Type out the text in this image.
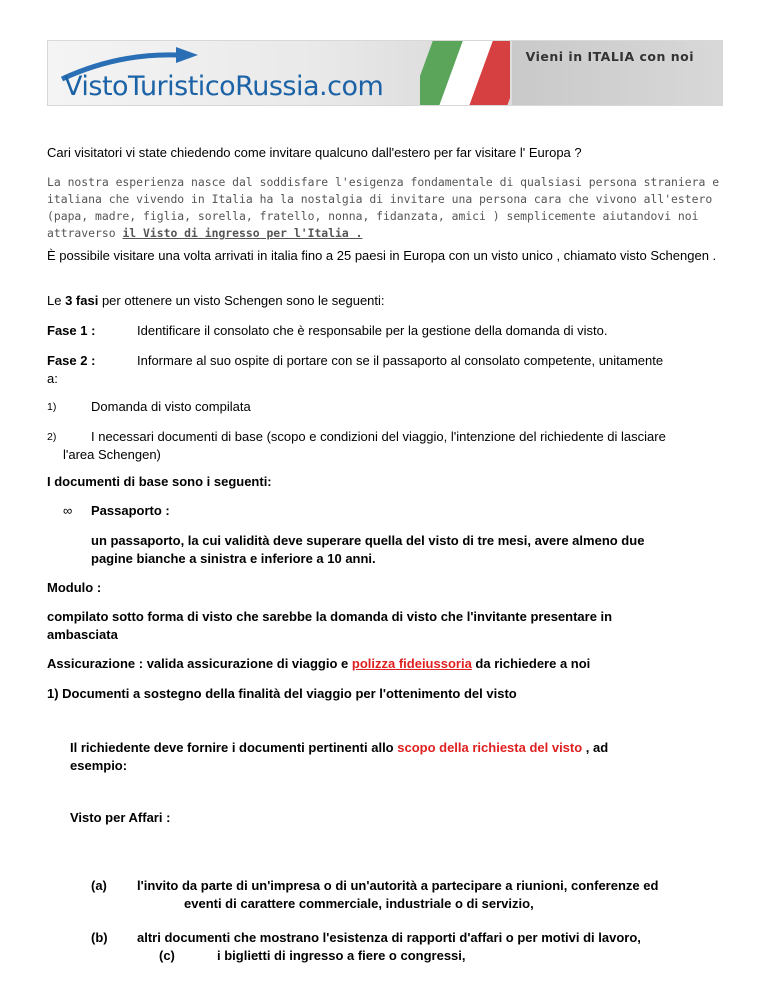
VistoTuristicoRussia.com
Vieni in ITALIA con noi
Cari visitatori vi state chiedendo come invitare qualcuno dall'estero per far visitare l' Europa ?
La nostra esperienza nasce dal soddisfare l'esigenza fondamentale di qualsiasi persona straniera e italiana che vivendo in Italia ha la nostalgia di invitare una persona cara che vivono all'estero (papa, madre, figlia, sorella, fratello, nonna, fidanzata, amici ) semplicemente aiutandovi noi attraverso il Visto di ingresso per l'Italia .
È possibile visitare una volta arrivati in italia fino a 25 paesi in Europa con un visto unico , chiamato visto Schengen .
Le 3 fasi per ottenere un visto Schengen sono le seguenti:
Fase 1 :	Identificare il consolato che è responsabile per la gestione della domanda di visto.
Fase 2 :	Informare al suo ospite di portare con se il passaporto al consolato competente, unitamente
a:
1)	Domanda di visto compilata
2)	I necessari documenti di base (scopo e condizioni del viaggio, l'intenzione del richiedente di lasciare
l'area Schengen)
I documenti di base sono i seguenti:
∞ Passaporto :
un passaporto, la cui validità deve superare quella del visto di tre mesi, avere almeno due
pagine bianche a sinistra e inferiore a 10 anni.
Modulo :
compilato sotto forma di visto che sarebbe la domanda di visto che l'invitante presentare in
ambasciata
Assicurazione : valida assicurazione di viaggio e polizza fideiussoria da richiedere a noi
1) Documenti a sostegno della finalità del viaggio per l'ottenimento del visto
Il richiedente deve fornire i documenti pertinenti allo scopo della richiesta del visto , ad
esempio:
Visto per Affari :
(a) l'invito da parte di un'impresa o di un'autorità a partecipare a riunioni, conferenze ed
eventi di carattere commerciale, industriale o di servizio,
(b) altri documenti che mostrano l'esistenza di rapporti d'affari o per motivi di lavoro,
(c)	i biglietti di ingresso a fiere o congressi,
